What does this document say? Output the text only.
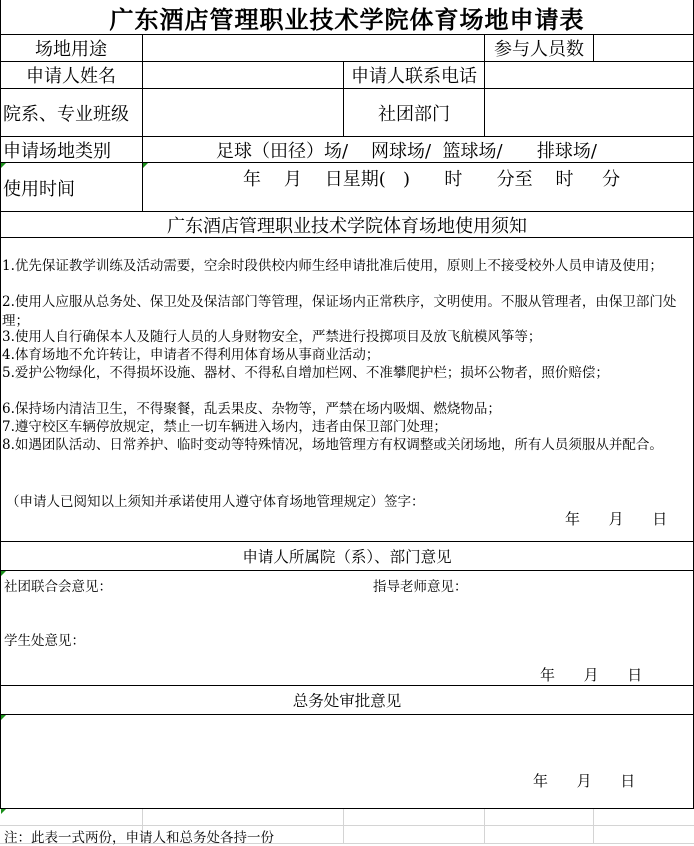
广东酒店管理职业技术学院体育场地申请表
场地用途	参与人员数
申请人姓名	申请人联系电话
院系、专业班级	社团部门
申请场地类别	足球（田径）场/    网球场/  篮球场/      排球场/
使用时间	年    月    日星期(   )      时      分至    时     分
广东酒店管理职业技术学院体育场地使用须知
1.优先保证教学训练及活动需要，空余时段供校内师生经申请批准后使用，原则上不接受校外人员申请及使用；
2.使用人应服从总务处、保卫处及保洁部门等管理，保证场内正常秩序，文明使用。不服从管理者，由保卫部门处理；
3.使用人自行确保本人及随行人员的人身财物安全，严禁进行投掷项目及放飞航模风筝等；
4.体育场地不允许转让，申请者不得利用体育场从事商业活动；
5.爱护公物绿化，不得损坏设施、器材、不得私自增加栏网、不准攀爬护栏；损坏公物者，照价赔偿；
6.保持场内清洁卫生，不得聚餐，乱丢果皮、杂物等，严禁在场内吸烟、燃烧物品；
7.遵守校区车辆停放规定，禁止一切车辆进入场内，违者由保卫部门处理；
8.如遇团队活动、日常养护、临时变动等特殊情况，场地管理方有权调整或关闭场地，所有人员须服从并配合。
（申请人已阅知以上须知并承诺使用人遵守体育场地管理规定）签字：
年      月      日
申请人所属院（系）、部门意见
社团联合会意见：	指导老师意见：
学生处意见：
年      月      日
总务处审批意见
年      月      日
注：此表一式两份，申请人和总务处各持一份
